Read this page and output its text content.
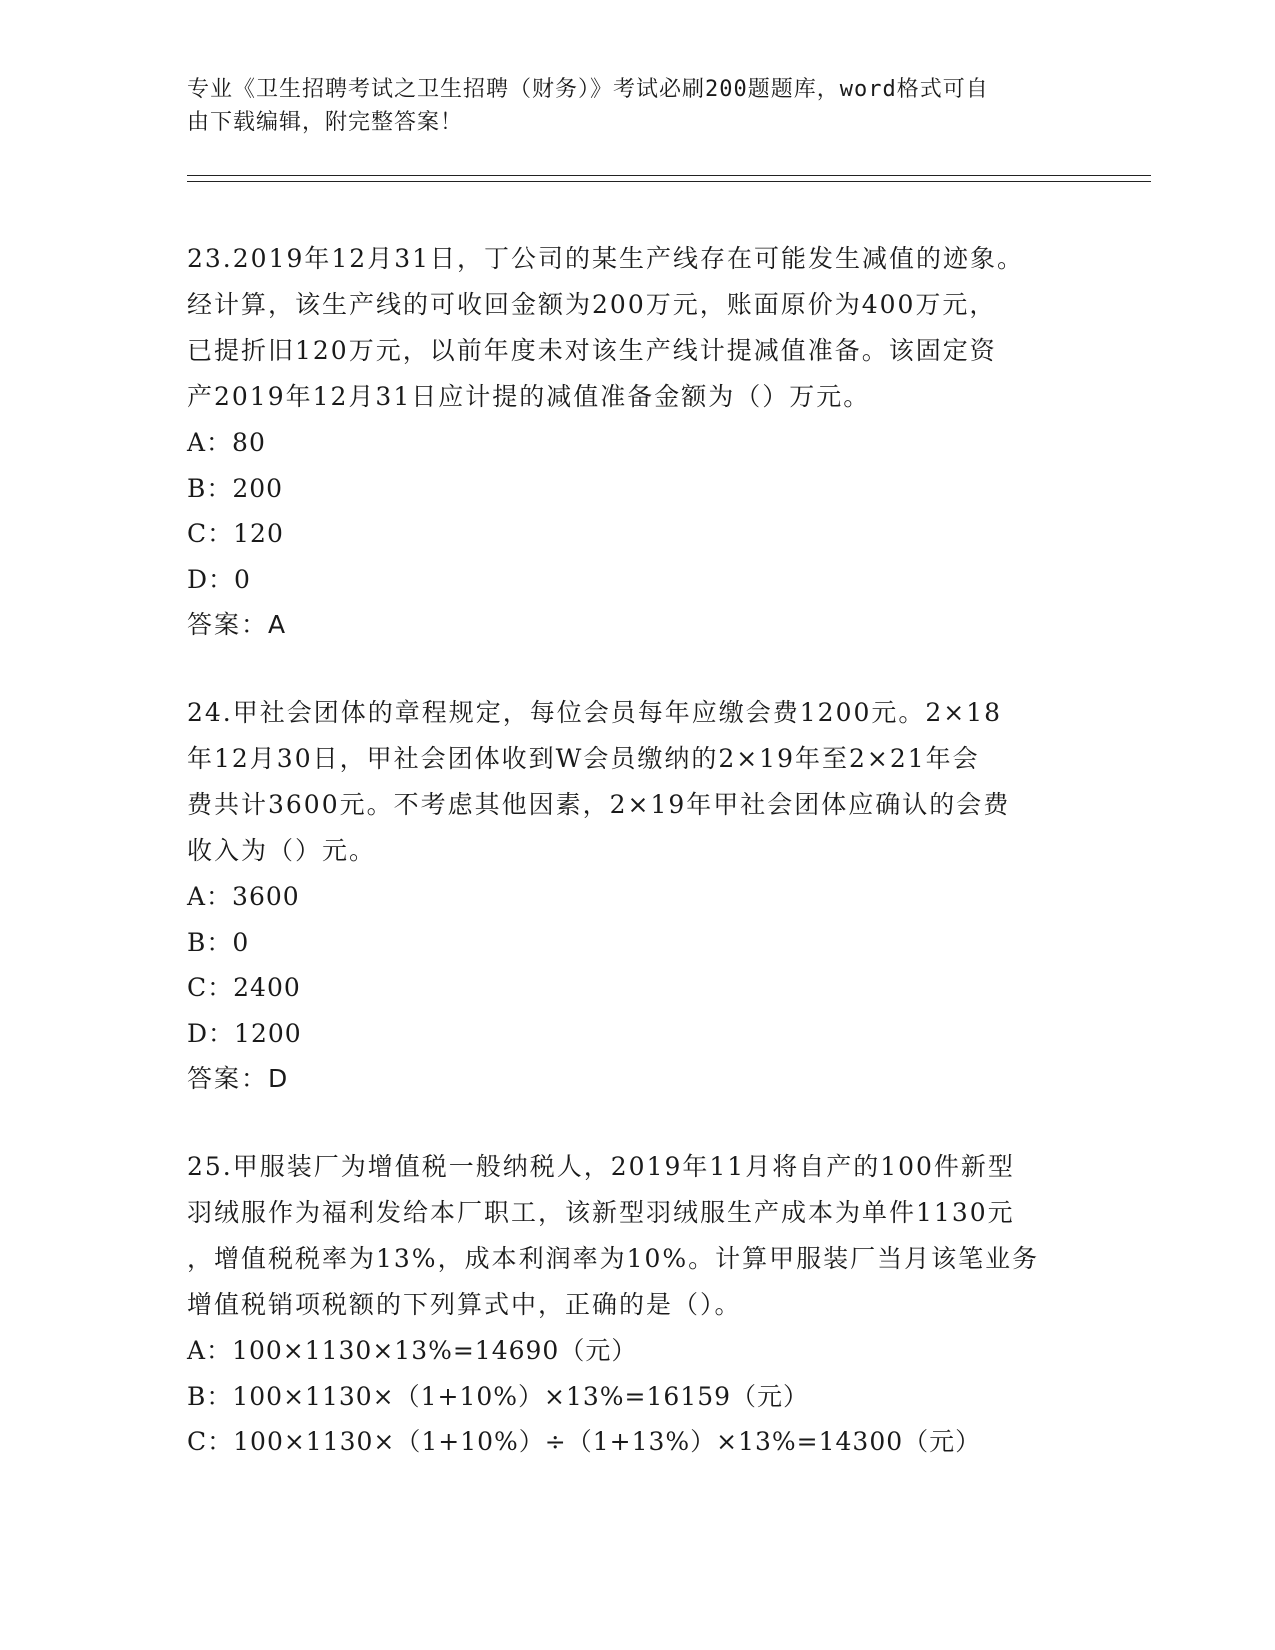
专业《卫生招聘考试之卫生招聘（财务）》考试必刷200题题库，word格式可自
由下载编辑，附完整答案！

23.2019年12月31日，丁公司的某生产线存在可能发生减值的迹象。

经计算，该生产线的可收回金额为200万元，账面原价为400万元，

已提折旧120万元，以前年度未对该生产线计提减值准备。该固定资

产2019年12月31日应计提的减值准备金额为（）万元。

A：80

B：200

C：120

D：0

答案：A

24.甲社会团体的章程规定，每位会员每年应缴会费1200元。2×18

年12月30日，甲社会团体收到W会员缴纳的2×19年至2×21年会

费共计3600元。不考虑其他因素，2×19年甲社会团体应确认的会费

收入为（）元。

A：3600

B：0

C：2400

D：1200

答案：D

25.甲服装厂为增值税一般纳税人，2019年11月将自产的100件新型

羽绒服作为福利发给本厂职工，该新型羽绒服生产成本为单件1130元

，增值税税率为13%，成本利润率为10%。计算甲服装厂当月该笔业务

增值税销项税额的下列算式中，正确的是（）。

A：100×1130×13%=14690（元）

B：100×1130×（1+10%）×13%=16159（元）

C：100×1130×（1+10%）÷（1+13%）×13%=14300（元）
